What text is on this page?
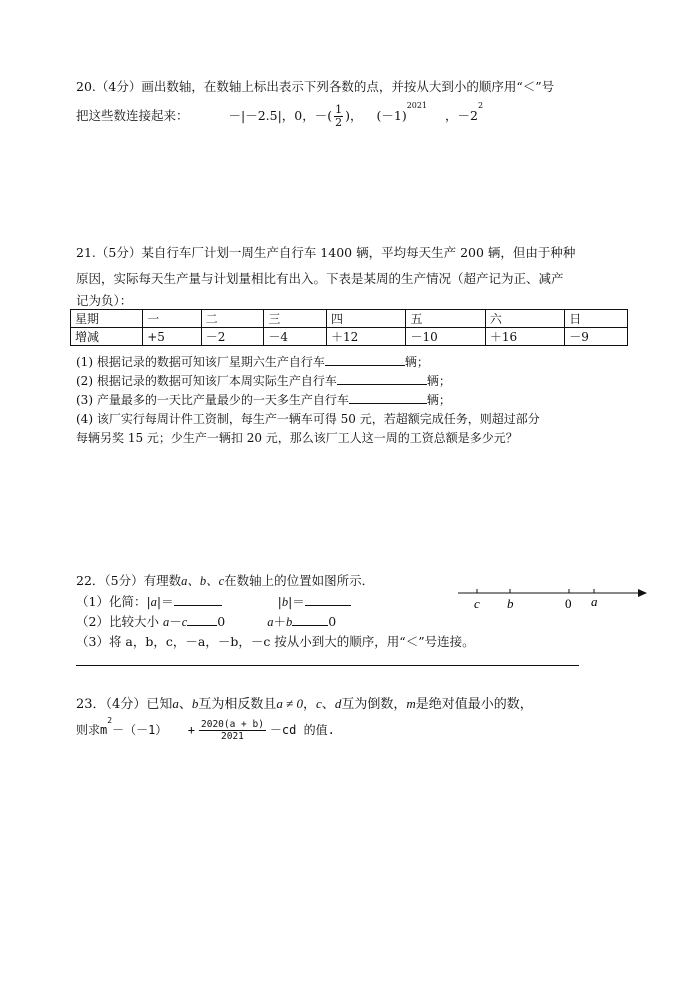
20.（4分）画出数轴，在数轴上标出表示下列各数的点，并按从大到小的顺序用“＜”号
把这些数连接起来：	－|－2.5|，0，－( $\frac{1}{2}$ )， $(-1)^{2021}$  ，$-2^2$
21.（5分）某自行车厂计划一周生产自行车 1400 辆，平均每天生产 200 辆，但由于种种
原因，实际每天生产量与计划量相比有出入。下表是某周的生产情况（超产记为正、减产
记为负）：
星期	一	二	三	四	五	六	日
增减	+5	－2	－4	＋12	－10	＋16	－9
(1) 根据记录的数据可知该厂星期六生产自行车	辆；
(2) 根据记录的数据可知该厂本周实际生产自行车	辆；
(3) 产量最多的一天比产量最少的一天多生产自行车	辆；
(4) 该厂实行每周计件工资制，每生产一辆车可得 50 元，若超额完成任务，则超过部分
每辆另奖 15 元；少生产一辆扣 20 元，那么该厂工人这一周的工资总额是多少元？
22．（5分）有理数a、b、c在数轴上的位置如图所示．
c b	0 a
（1）化简：|a|＝	|b|＝
（2）比较大小 a－c 0	a＋b	0
（3）将 a，b，c，－a，－b，－c 按从小到大的顺序，用“＜”号连接。
23．（4分）已知a、b互为相反数且a ≠ 0，c、d互为倒数，m是绝对值最小的数，
则求$m^2-(-1) + \frac{2020(a + b)}{2021} -cd$ 的值.
